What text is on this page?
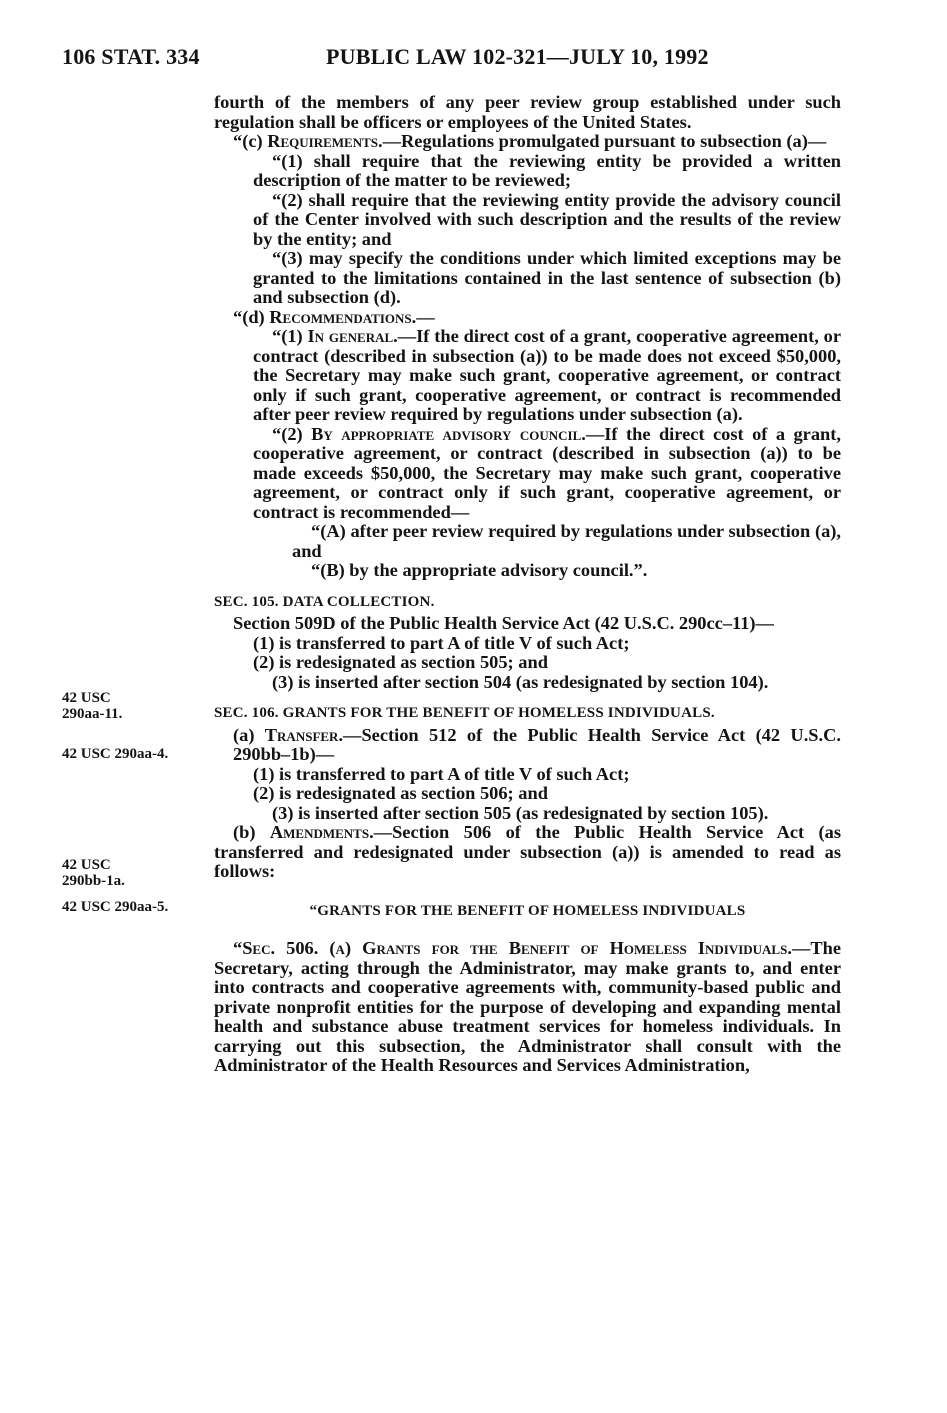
106 STAT. 334	PUBLIC LAW 102-321—JULY 10, 1992
42 USC
290aa-11.
42 USC 290aa-4.
42 USC
290bb-1a.
42 USC 290aa-5.

fourth of the members of any peer review group established under such regulation shall be officers or employees of the United States.

“(c) Requirements.—Regulations promulgated pursuant to subsection (a)—

“(1) shall require that the reviewing entity be provided a written description of the matter to be reviewed;

“(2) shall require that the reviewing entity provide the advisory council of the Center involved with such description and the results of the review by the entity; and

“(3) may specify the conditions under which limited exceptions may be granted to the limitations contained in the last sentence of subsection (b) and subsection (d).

“(d) Recommendations.—

“(1) In general.—If the direct cost of a grant, cooperative agreement, or contract (described in subsection (a)) to be made does not exceed $50,000, the Secretary may make such grant, cooperative agreement, or contract only if such grant, cooperative agreement, or contract is recommended after peer review required by regulations under subsection (a).

“(2) By appropriate advisory council.—If the direct cost of a grant, cooperative agreement, or contract (described in subsection (a)) to be made exceeds $50,000, the Secretary may make such grant, cooperative agreement, or contract only if such grant, cooperative agreement, or contract is recommended—

“(A) after peer review required by regulations under subsection (a), and

“(B) by the appropriate advisory council.”.

SEC. 105. DATA COLLECTION.

Section 509D of the Public Health Service Act (42 U.S.C. 290cc–11)—

(1) is transferred to part A of title V of such Act;

(2) is redesignated as section 505; and

(3) is inserted after section 504 (as redesignated by section 104).

SEC. 106. GRANTS FOR THE BENEFIT OF HOMELESS INDIVIDUALS.

(a) Transfer.—Section 512 of the Public Health Service Act (42 U.S.C. 290bb–1b)—

(1) is transferred to part A of title V of such Act;

(2) is redesignated as section 506; and

(3) is inserted after section 505 (as redesignated by section 105).

(b) Amendments.—Section 506 of the Public Health Service Act (as transferred and redesignated under subsection (a)) is amended to read as follows:

“GRANTS FOR THE BENEFIT OF HOMELESS INDIVIDUALS

“Sec. 506. (a) Grants for the Benefit of Homeless Individuals.—The Secretary, acting through the Administrator, may make grants to, and enter into contracts and cooperative agreements with, community-based public and private nonprofit entities for the purpose of developing and expanding mental health and substance abuse treatment services for homeless individuals. In carrying out this subsection, the Administrator shall consult with the Administrator of the Health Resources and Services Administration,
